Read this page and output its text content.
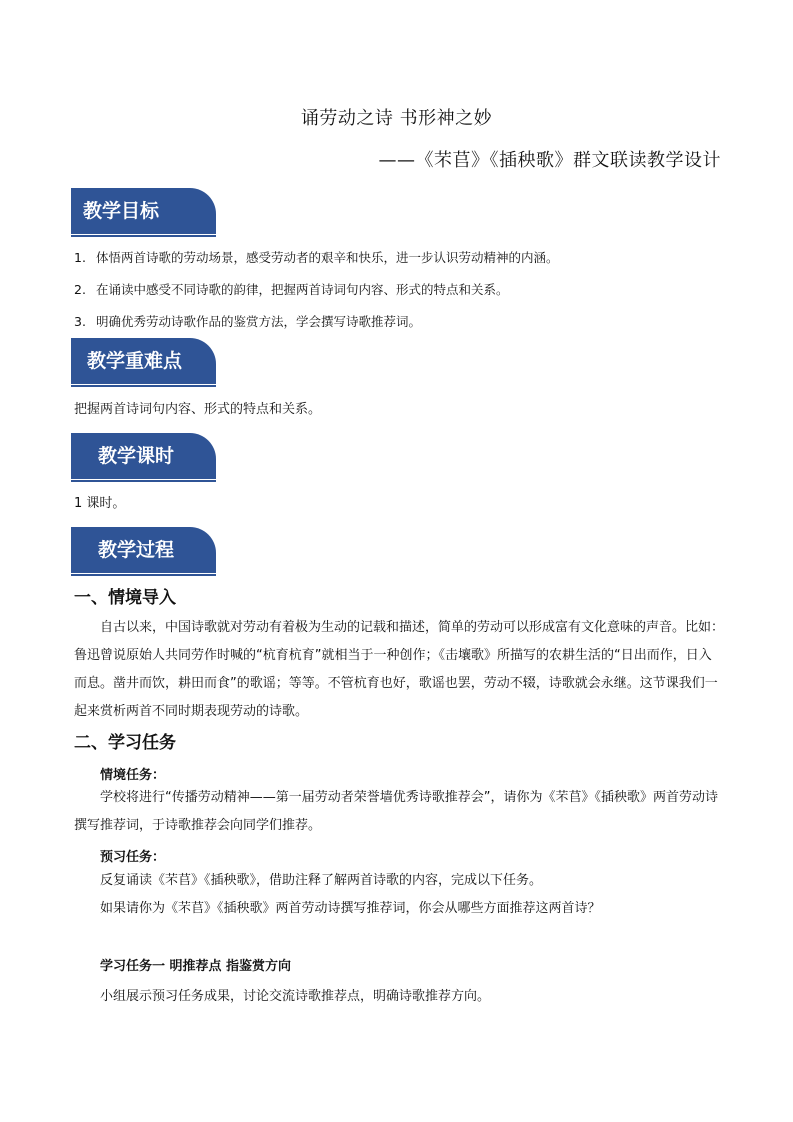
诵劳动之诗 书形神之妙
——《芣苢》《插秧歌》群文联读教学设计
教学目标
1. 体悟两首诗歌的劳动场景，感受劳动者的艰辛和快乐，进一步认识劳动精神的内涵。
2. 在诵读中感受不同诗歌的韵律，把握两首诗词句内容、形式的特点和关系。
3. 明确优秀劳动诗歌作品的鉴赏方法，学会撰写诗歌推荐词。
教学重难点
把握两首诗词句内容、形式的特点和关系。
教学课时
1 课时。
教学过程
一、情境导入
自古以来，中国诗歌就对劳动有着极为生动的记载和描述，简单的劳动可以形成富有文化意味的声音。比如：鲁迅曾说原始人共同劳作时喊的“杭育杭育”就相当于一种创作；《击壤歌》所描写的农耕生活的“日出而作，日入而息。凿井而饮，耕田而食”的歌谣；等等。不管杭育也好，歌谣也罢，劳动不辍，诗歌就会永继。这节课我们一起来赏析两首不同时期表现劳动的诗歌。
二、学习任务
情境任务：
学校将进行“传播劳动精神——第一届劳动者荣誉墙优秀诗歌推荐会”，请你为《芣苢》《插秧歌》两首劳动诗撰写推荐词，于诗歌推荐会向同学们推荐。
预习任务：
反复诵读《芣苢》《插秧歌》，借助注释了解两首诗歌的内容，完成以下任务。
如果请你为《芣苢》《插秧歌》两首劳动诗撰写推荐词，你会从哪些方面推荐这两首诗？
学习任务一 明推荐点 指鉴赏方向
小组展示预习任务成果，讨论交流诗歌推荐点，明确诗歌推荐方向。
